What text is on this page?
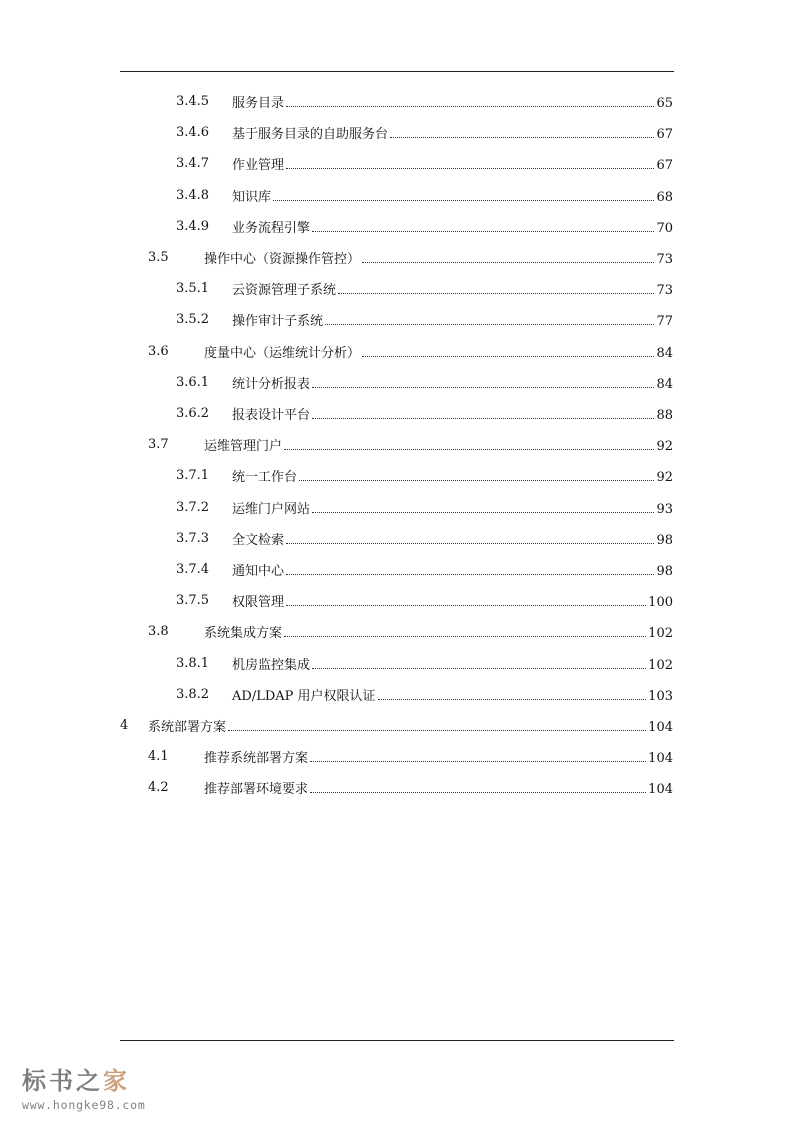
3.4.5 服务目录	65
3.4.6 基于服务目录的自助服务台	67
3.4.7 作业管理	67
3.4.8 知识库	68
3.4.9 业务流程引擎	70
3.5	操作中心（资源操作管控）	73
3.5.1 云资源管理子系统	73
3.5.2 操作审计子系统	77
3.6	度量中心（运维统计分析）	84
3.6.1 统计分析报表	84
3.6.2 报表设计平台	88
3.7	运维管理门户	92
3.7.1 统一工作台	92
3.7.2 运维门户网站	93
3.7.3 全文检索	98
3.7.4 通知中心	98
3.7.5 权限管理	100
3.8	系统集成方案	102
3.8.1 机房监控集成	102
3.8.2 AD/LDAP 用户权限认证	103
4 系统部署方案	104
4.1	推荐系统部署方案	104
4.2	推荐部署环境要求	104
标书之家
www.hongke98.com
